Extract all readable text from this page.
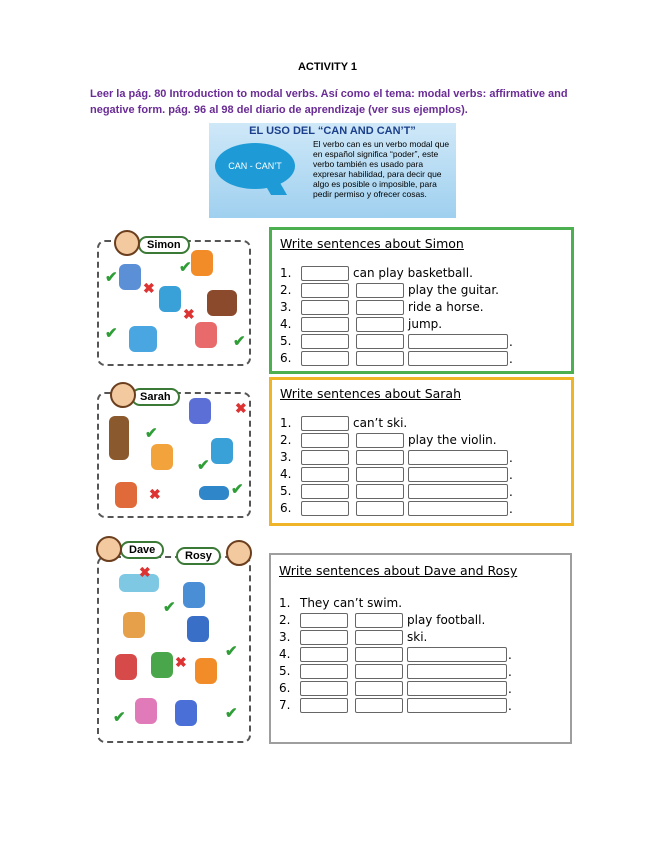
ACTIVITY 1
Leer la pág. 80 Introduction to modal verbs. Así como el tema: modal verbs: affirmative and negative form. pág. 96 al 98 del diario de aprendizaje (ver sus ejemplos).
EL USO DEL “CAN AND CAN’T”
CAN - CAN’T
El verbo can es un verbo modal que en español significa “poder”, este verbo también es usado para expresar habilidad, para decir que algo es posible o imposible, para pedir permiso y ofrecer cosas.
✔
✔
✔	✔
✖
✖
Simon	Write sentences about Simon
1.	can play basketball.
2.	play the guitar.
3.	ride a horse.
4.	jump.
5.	.
6.	.
✖
✔
✔
✖	✔
Sarah	Write sentences about Sarah
1.	can’t ski.
2.	play the violin.
3.	.
4.	.
5.	.
6.	.
✖
✔
✖
✔
✔	✔
Dave	Rosy
Write sentences about Dave and Rosy
1. They can’t swim.
2.	play football.
3.	ski.
4.	.
5.	.
6.	.
7.	.
